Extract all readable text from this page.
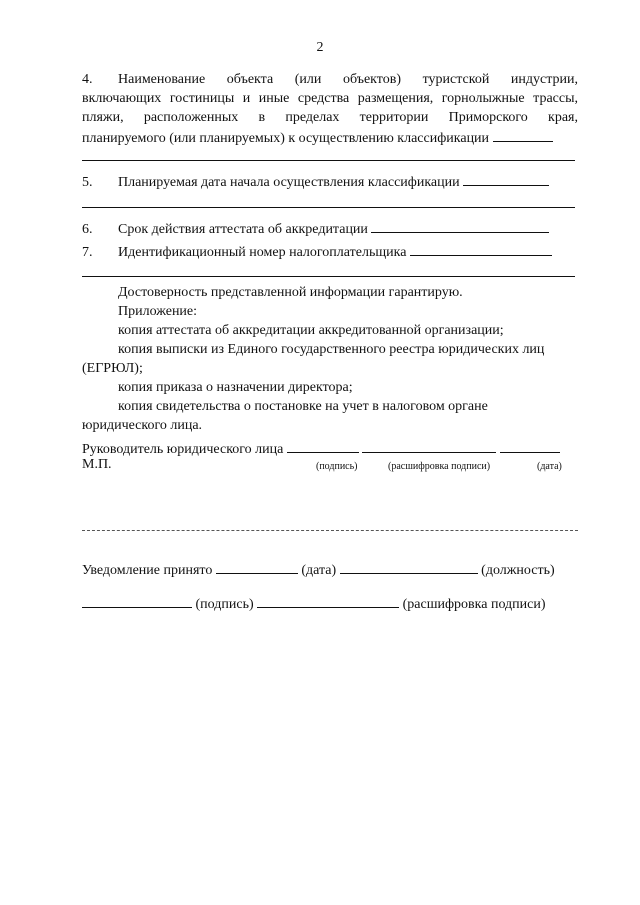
2
4.	Наименование объекта (или объектов) туристской индустрии,
включающих гостиницы и иные средства размещения, горнолыжные трассы,
пляжи, расположенных в пределах территории Приморского края,
планируемого (или планируемых) к осуществлению классификации
5. Планируемая дата начала осуществления классификации
6. Срок действия аттестата об аккредитации
7. Идентификационный номер налогоплательщика
Достоверность представленной информации гарантирую.
Приложение:
копия аттестата об аккредитации аккредитованной организации;
копия выписки из Единого государственного реестра юридических лиц
(ЕГРЮЛ);
копия приказа о назначении директора;
копия свидетельства о постановке на учет в налоговом органе
юридического лица.
Руководитель юридического лица
М.П.	(подпись)	(расшифровка подписи)	(дата)
Уведомление принято	(дата)	(должность)
(подпись)	(расшифровка подписи)
